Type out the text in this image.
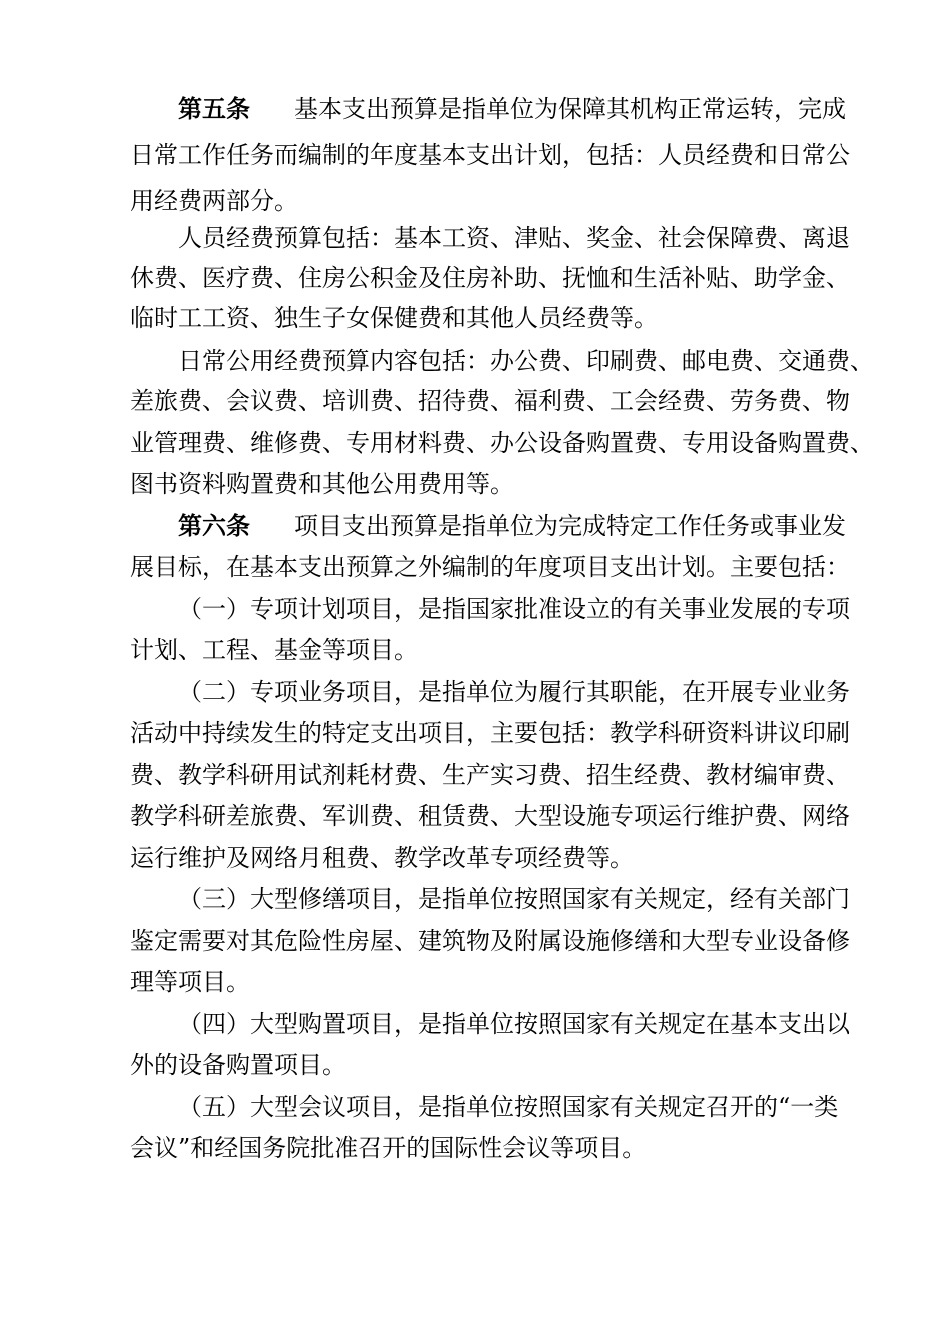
第五条 基本支出预算是指单位为保障其机构正常运转，完成
日常工作任务而编制的年度基本支出计划，包括：人员经费和日常公
用经费两部分。
人员经费预算包括：基本工资、津贴、奖金、社会保障费、离退
休费、医疗费、住房公积金及住房补助、抚恤和生活补贴、助学金、
临时工工资、独生子女保健费和其他人员经费等。
日常公用经费预算内容包括：办公费、印刷费、邮电费、交通费、
差旅费、会议费、培训费、招待费、福利费、工会经费、劳务费、物
业管理费、维修费、专用材料费、办公设备购置费、专用设备购置费、
图书资料购置费和其他公用费用等。
第六条 项目支出预算是指单位为完成特定工作任务或事业发
展目标，在基本支出预算之外编制的年度项目支出计划。主要包括：
（一）专项计划项目，是指国家批准设立的有关事业发展的专项
计划、工程、基金等项目。
（二）专项业务项目，是指单位为履行其职能，在开展专业业务
活动中持续发生的特定支出项目，主要包括：教学科研资料讲议印刷
费、教学科研用试剂耗材费、生产实习费、招生经费、教材编审费、
教学科研差旅费、军训费、租赁费、大型设施专项运行维护费、网络
运行维护及网络月租费、教学改革专项经费等。
（三）大型修缮项目，是指单位按照国家有关规定，经有关部门
鉴定需要对其危险性房屋、建筑物及附属设施修缮和大型专业设备修
理等项目。
（四）大型购置项目，是指单位按照国家有关规定在基本支出以
外的设备购置项目。
（五）大型会议项目，是指单位按照国家有关规定召开的“一类
会议”和经国务院批准召开的国际性会议等项目。
